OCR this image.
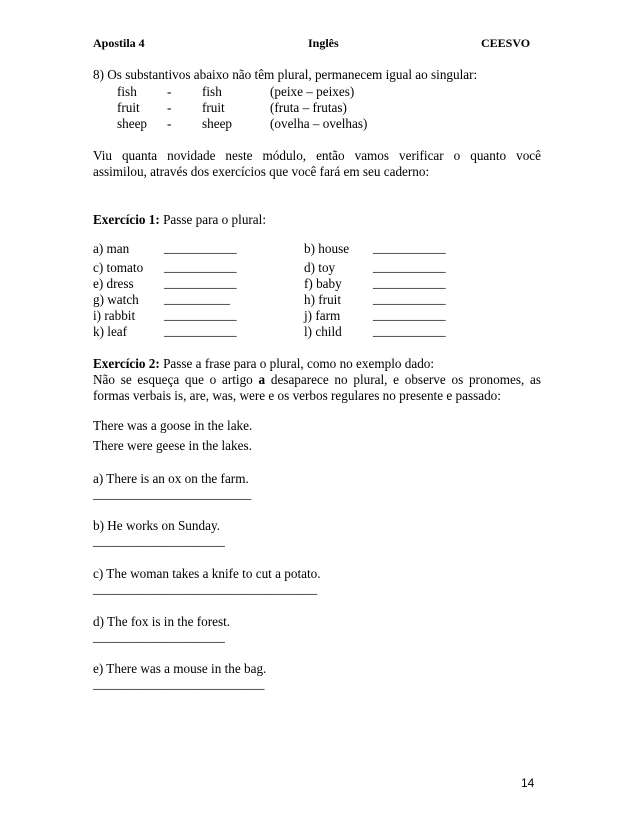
Apostila 4	Inglês	CEESVO
8) Os substantivos abaixo não têm plural, permanecem igual ao singular:
fish - fish	(peixe – peixes)
fruit - fruit	(fruta – frutas)
sheep - sheep	(ovelha – ovelhas)
Viu quanta novidade neste módulo, então vamos verificar o quanto você
assimilou, através dos exercícios que você fará em seu caderno:
Exercício 1: Passe para o plural:
a) man	___________	b) house ___________
c) tomato ___________	d) toy	___________
e) dress ___________	f) baby ___________
g) watch __________	h) fruit ___________
i) rabbit ___________	j) farm ___________
k) leaf	___________	l) child ___________
Exercício 2: Passe a frase para o plural, como no exemplo dado:
Não se esqueça que o artigo a desaparece no plural, e observe os pronomes, as
formas verbais is, are, was, were e os verbos regulares no presente e passado:
There was a goose in the lake.
There were geese in the lakes.
a) There is an ox on the farm.
________________________
b) He works on Sunday.
____________________
c) The woman takes a knife to cut a potato.
__________________________________
d) The fox is in the forest.
____________________
e) There was a mouse in the bag.
__________________________
14
